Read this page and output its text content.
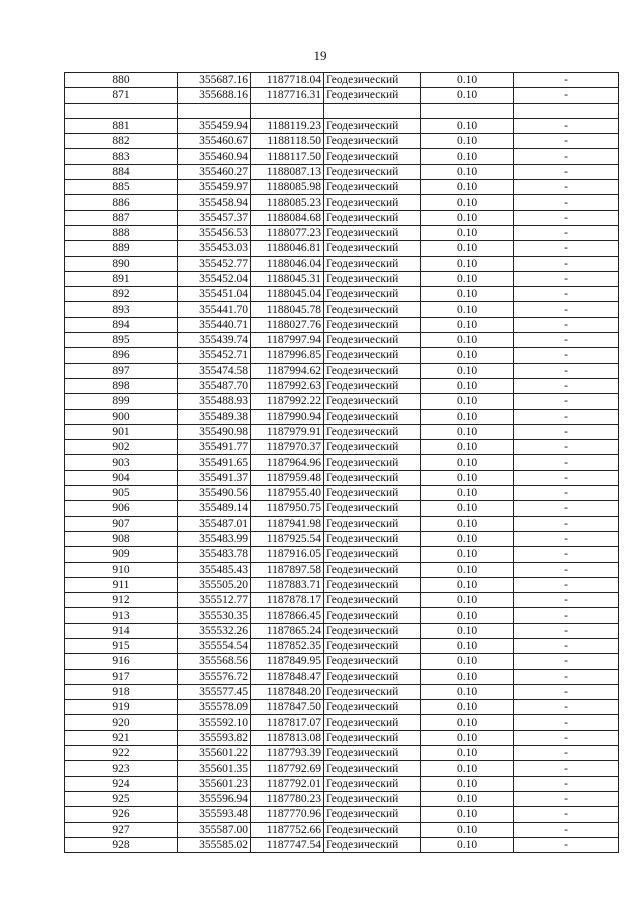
19
880	355687.16	1187718.04	Геодезический	0.10	-
871	355688.16	1187716.31	Геодезический	0.10	-

881	355459.94	1188119.23	Геодезический	0.10	-
882	355460.67	1188118.50	Геодезический	0.10	-
883	355460.94	1188117.50	Геодезический	0.10	-
884	355460.27	1188087.13	Геодезический	0.10	-
885	355459.97	1188085.98	Геодезический	0.10	-
886	355458.94	1188085.23	Геодезический	0.10	-
887	355457.37	1188084.68	Геодезический	0.10	-
888	355456.53	1188077.23	Геодезический	0.10	-
889	355453.03	1188046.81	Геодезический	0.10	-
890	355452.77	1188046.04	Геодезический	0.10	-
891	355452.04	1188045.31	Геодезический	0.10	-
892	355451.04	1188045.04	Геодезический	0.10	-
893	355441.70	1188045.78	Геодезический	0.10	-
894	355440.71	1188027.76	Геодезический	0.10	-
895	355439.74	1187997.94	Геодезический	0.10	-
896	355452.71	1187996.85	Геодезический	0.10	-
897	355474.58	1187994.62	Геодезический	0.10	-
898	355487.70	1187992.63	Геодезический	0.10	-
899	355488.93	1187992.22	Геодезический	0.10	-
900	355489.38	1187990.94	Геодезический	0.10	-
901	355490.98	1187979.91	Геодезический	0.10	-
902	355491.77	1187970.37	Геодезический	0.10	-
903	355491.65	1187964.96	Геодезический	0.10	-
904	355491.37	1187959.48	Геодезический	0.10	-
905	355490.56	1187955.40	Геодезический	0.10	-
906	355489.14	1187950.75	Геодезический	0.10	-
907	355487.01	1187941.98	Геодезический	0.10	-
908	355483.99	1187925.54	Геодезический	0.10	-
909	355483.78	1187916.05	Геодезический	0.10	-
910	355485.43	1187897.58	Геодезический	0.10	-
911	355505.20	1187883.71	Геодезический	0.10	-
912	355512.77	1187878.17	Геодезический	0.10	-
913	355530.35	1187866.45	Геодезический	0.10	-
914	355532.26	1187865.24	Геодезический	0.10	-
915	355554.54	1187852.35	Геодезический	0.10	-
916	355568.56	1187849.95	Геодезический	0.10	-
917	355576.72	1187848.47	Геодезический	0.10	-
918	355577.45	1187848.20	Геодезический	0.10	-
919	355578.09	1187847.50	Геодезический	0.10	-
920	355592.10	1187817.07	Геодезический	0.10	-
921	355593.82	1187813.08	Геодезический	0.10	-
922	355601.22	1187793.39	Геодезический	0.10	-
923	355601.35	1187792.69	Геодезический	0.10	-
924	355601.23	1187792.01	Геодезический	0.10	-
925	355596.94	1187780.23	Геодезический	0.10	-
926	355593.48	1187770.96	Геодезический	0.10	-
927	355587.00	1187752.66	Геодезический	0.10	-
928	355585.02	1187747.54	Геодезический	0.10	-
